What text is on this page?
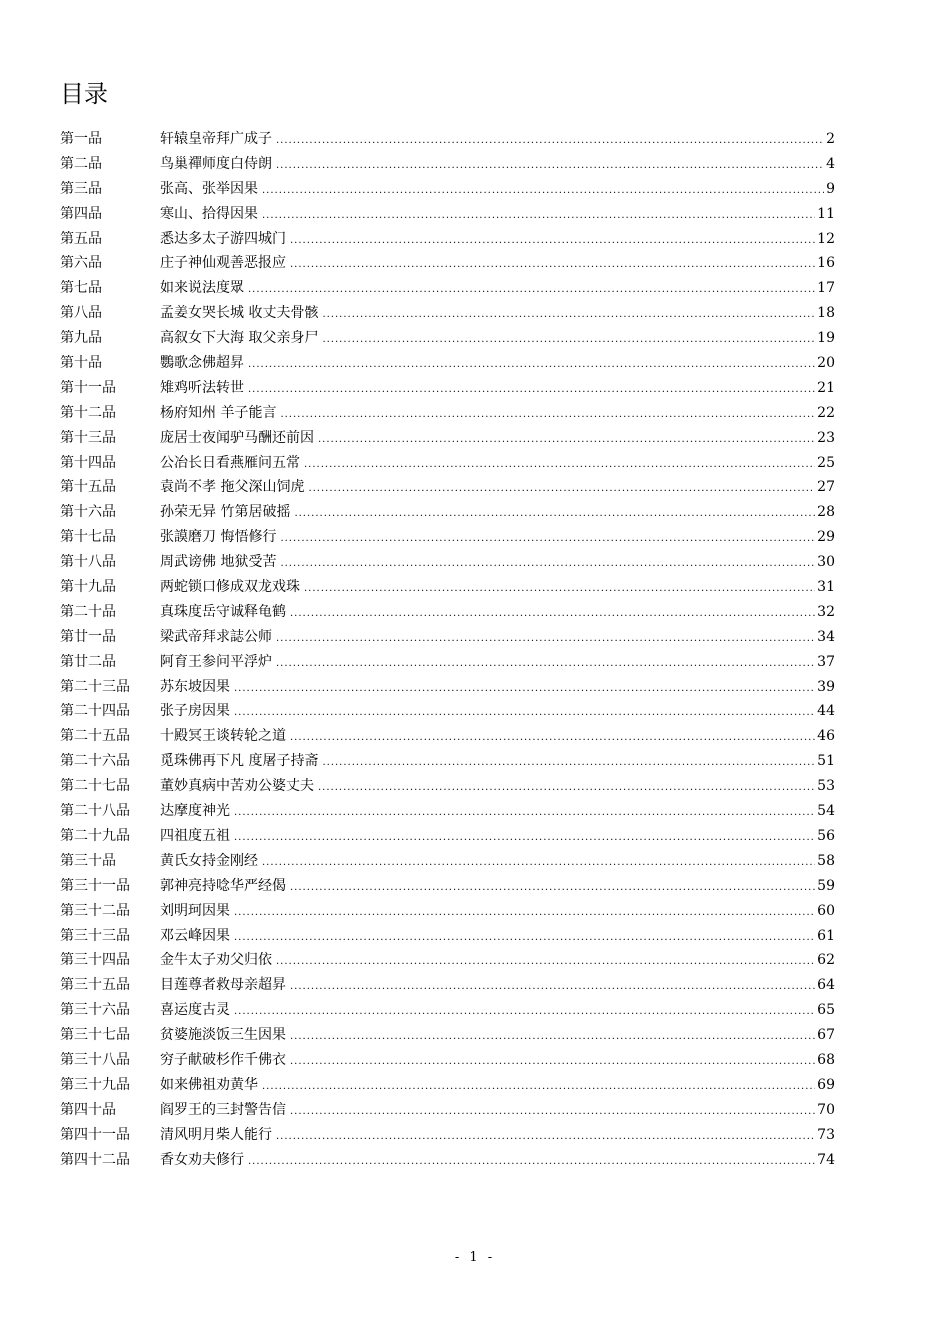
目录
第一品	轩辕皇帝拜广成子 .....	2
第二品	鸟巢禪师度白侍朗 .....	4
第三品	张高、张举因果 .....	9
第四品	寒山、拾得因果 .....	11
第五品	悉达多太子游四城门 .....	12
第六品	庄子神仙观善恶报应 .....	16
第七品	如来说法度眾 .....	17
第八品	孟姜女哭长城 收丈夫骨骸 .....	18
第九品	高叙女下大海 取父亲身尸 .....	19
第十品	鸚歌念佛超昇 .....	20
第十一品	雉鸡听法转世 .....	21
第十二品	杨府知州 羊子能言 .....	22
第十三品	庞居士夜闻驴马酬还前因 .....	23
第十四品	公冶长日看燕雁问五常 .....	25
第十五品	袁尚不孝 拖父深山饲虎 .....	27
第十六品	孙荣无异 竹第居破摇 .....	28
第十七品	张謨磨刀 悔悟修行 .....	29
第十八品	周武谤佛 地狱受苦 .....	30
第十九品	两蛇锁口修成双龙戏珠 .....	31
第二十品	真珠度岳守诚释龟鹤 .....	32
第廿一品	梁武帝拜求誌公师 .....	34
第廿二品	阿育王参问平浮炉 .....	37
第二十三品	苏东坡因果 .....	39
第二十四品	张子房因果 .....	44
第二十五品	十殿冥王谈转轮之道 .....	46
第二十六品	觅珠佛再下凡 度屠子持斋 .....	51
第二十七品	董妙真病中苦劝公婆丈夫 .....	53
第二十八品	达摩度神光 .....	54
第二十九品	四祖度五祖 .....	56
第三十品	黄氏女持金刚经 .....	58
第三十一品	郭神亮持唸华严经偈 .....	59
第三十二品	刘明珂因果 .....	60
第三十三品	邓云峰因果 .....	61
第三十四品	金牛太子劝父归依 .....	62
第三十五品	目莲尊者救母亲超昇 .....	64
第三十六品	喜运度古灵 .....	65
第三十七品	贫婆施淡饭三生因果 .....	67
第三十八品	穷子献破杉作千佛衣 .....	68
第三十九品	如来佛祖劝黄华 .....	69
第四十品	阎罗王的三封警告信 .....	70
第四十一品	清风明月柴人能行 .....	73
第四十二品	香女劝夫修行 .....	74
- 1 -
